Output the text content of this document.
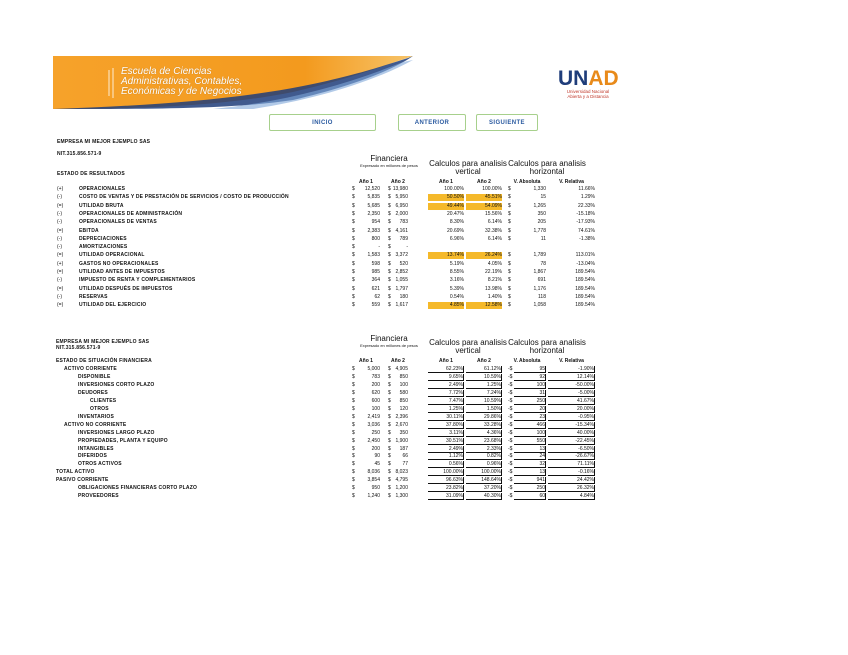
Escuela de Ciencias
Administrativas, Contables,
Económicas y de Negocios
UNAD
Universidad Nacional
Abierta y a Distancia
INICIO	ANTERIOR	SIGUIENTE
EMPRESA MI MEJOR EJEMPLO SAS
NIT.315.856.571-9
ESTADO DE RESULTADOS
Financiera
Expresado en millones de pesos	Calculos para analisis vertical
Calculos para analisis horizontal
Año 1	Año 2	Año 1	Año 2	V. Absoluta	V. Relativa
(+)	OPERACIONALES	$	12,520 $ 13,980	100.00%	100.00% $	1,330	11.66%
(-)	COSTO DE VENTAS Y DE PRESTACIÓN DE SERVICIOS / COSTO DE PRODUCCIÓN	$	5,835 $ 5,950	50.50%	45.51% $	15	1.29%
(=)	UTILIDAD BRUTA	$	5,685 $ 6,950	49.44%	54.09% $	1,265	22.33%
(-)	OPERACIONALES DE ADMINISTRACIÓN	$	2,350 $ 2,000	20.47%	15.56% $	350	-15.18%
(-)	OPERACIONALES DE VENTAS	$	954 $	783	8.30%	6.14% $	205	-17.93%
(=)	EBITDA	$	2,383 $ 4,161	20.69%	32.38% $	1,778	74.61%
(-)	DEPRECIACIONES	$	800 $	789	6.96%	6.14% $	11	-1.38%
(-)	AMORTIZACIONES	$	- $	-
(=)	UTILIDAD OPERACIONAL	$	1,583 $ 3,372	13.74%	26.24% $	1,789	113.01%
(+)	GASTOS NO OPERACIONALES	$	598 $	520	5.19%	4.05% $	78	-13.04%
(=)	UTILIDAD ANTES DE IMPUESTOS	$	985 $ 2,852	8.55%	22.19% $	1,867	189.54%
(-)	IMPUESTO DE RENTA Y COMPLEMENTARIOS	$	364 $ 1,055	3.16%	8.21% $	691	189.54%
(=)	UTILIDAD DESPUÉS DE IMPUESTOS	$	621 $ 1,797	5.39%	13.98% $	1,176	189.54%
(-)	RESERVAS	$	62 $	180	0.54%	1.40% $	118	189.54%
(=)	UTILIDAD DEL EJERCICIO	$	559 $ 1,617	4.85%	12.58% $	1,058	189.54%
EMPRESA MI MEJOR EJEMPLO SAS
NIT.315.856.571-9
ESTADO DE SITUACIÓN FINANCIERA
Financiera
Expresado en millones de pesos	Calculos para analisis vertical
Calculos para analisis horizontal
Año 1	Año 2	Año 1	Año 2	V. Absoluta	V. Relativa
ACTIVO CORRIENTE	$	5,000 $ 4,905	62.23%	61.12% -$	95	-1.90%
DISPONIBLE	$	783 $	850	9.65%	10.59% -$	92	12.14%
INVERSIONES CORTO PLAZO	$	200 $	100	2.49%	1.25% -$	100	-50.00%
DEUDORES	$	620 $	580	7.72%	7.24% -$	31	-5.00%
CLIENTES	$	600 $	850	7.47%	10.59% -$	250	41.67%
OTROS	$	100 $	120	1.25%	1.50% -$	20	20.00%
INVENTARIOS	$	2,419 $ 2,396	30.11%	29.86% -$	23	-0.95%
ACTIVO NO CORRIENTE	$	3,036 $ 2,670	37.80%	33.28% -$	466	-15.34%
INVERSIONES LARGO PLAZO	$	250 $	350	3.11%	4.36% -$	100	40.00%
PROPIEDADES, PLANTA Y EQUIPO	$	2,450 $ 1,900	30.51%	23.68% -$	550	-22.45%
INTANGIBLES	$	200 $	187	2.49%	2.33% -$	13	-6.50%
DIFERIDOS	$	90 $	66	1.12%	0.82% -$	24	-26.67%
OTROS ACTIVOS	$	45 $	77	0.56%	0.96% -$	32	71.11%
TOTAL ACTIVO	$	8,036 $ 8,023	100.00%	100.00% -$	13	-0.16%
PASIVO CORRIENTE	$	3,854 $ 4,795	96.63%	148.64% -$	941	24.42%
OBLIGACIONES FINANCIERAS CORTO PLAZO	$	950 $ 1,200	23.82%	37.20% -$	250	26.32%
PROVEEDORES	$	1,240 $ 1,300	31.09%	40.30% -$	60	4.84%
